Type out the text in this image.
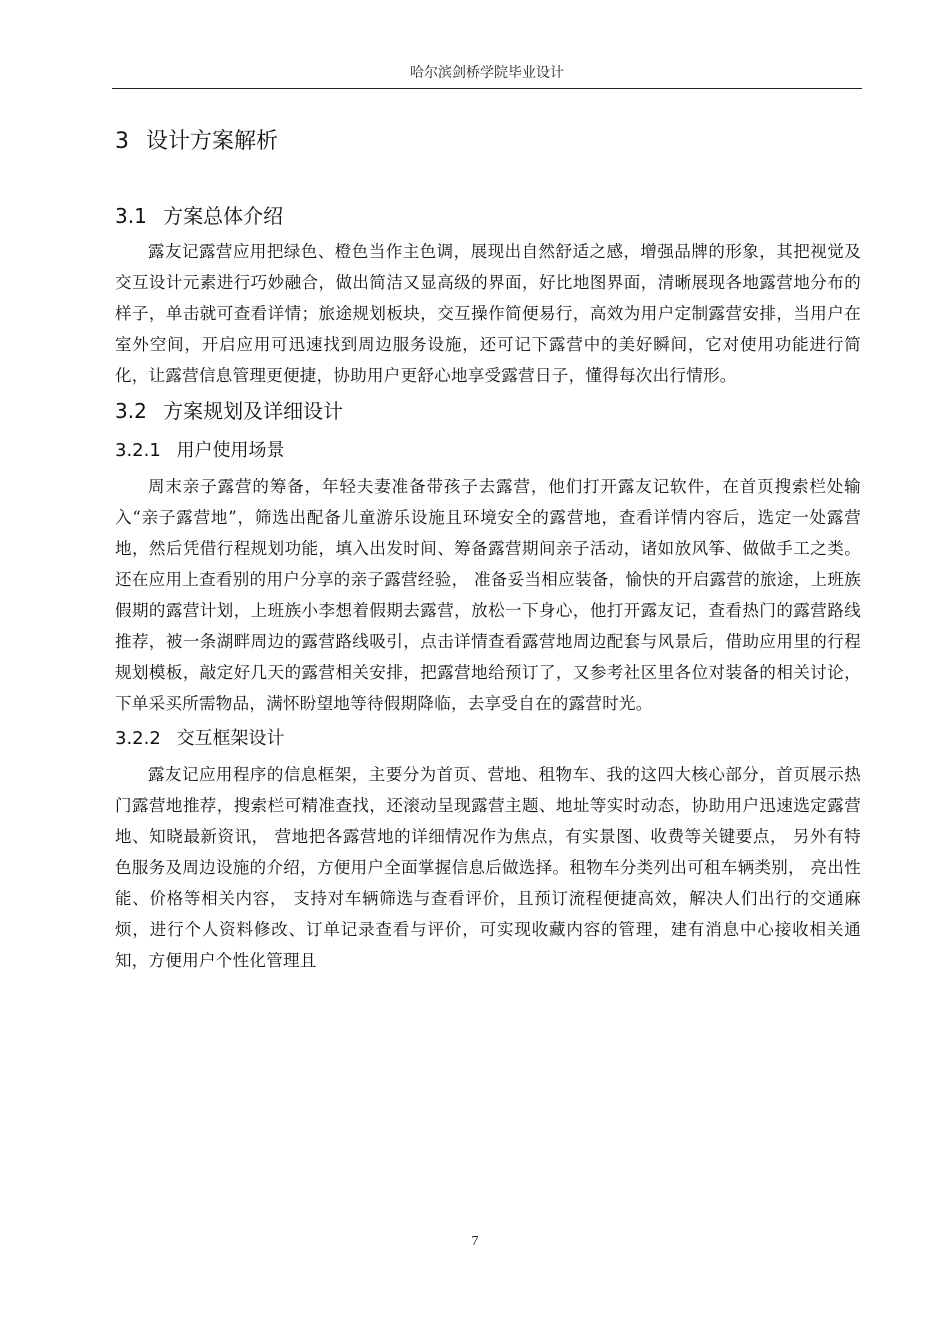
哈尔滨剑桥学院毕业设计
3 设计方案解析
3.1 方案总体介绍

露友记露营应用把绿色、橙色当作主色调，展现出自然舒适之感，增强品牌的形象，其把视觉及交互设计元素进行巧妙融合，做出简洁又显高级的界面，好比地图界面，清晰展现各地露营地分布的样子，单击就可查看详情；旅途规划板块，交互操作简便易行，高效为用户定制露营安排，当用户在室外空间，开启应用可迅速找到周边服务设施，还可记下露营中的美好瞬间，它对使用功能进行简化，让露营信息管理更便捷，协助用户更舒心地享受露营日子，懂得每次出行情形。

3.2 方案规划及详细设计
3.2.1 用户使用场景

周末亲子露营的筹备，年轻夫妻准备带孩子去露营，他们打开露友记软件，在首页搜索栏处输入“亲子露营地”，筛选出配备儿童游乐设施且环境安全的露营地，查看详情内容后，选定一处露营地，然后凭借行程规划功能，填入出发时间、筹备露营期间亲子活动，诸如放风筝、做做手工之类。还在应用上查看别的用户分享的亲子露营经验， 准备妥当相应装备，愉快的开启露营的旅途，上班族假期的露营计划，上班族小李想着假期去露营，放松一下身心，他打开露友记，查看热门的露营路线推荐，被一条湖畔周边的露营路线吸引，点击详情查看露营地周边配套与风景后，借助应用里的行程规划模板，敲定好几天的露营相关安排，把露营地给预订了，又参考社区里各位对装备的相关讨论，下单采买所需物品，满怀盼望地等待假期降临，去享受自在的露营时光。

3.2.2 交互框架设计

露友记应用程序的信息框架，主要分为首页、营地、租物车、我的这四大核心部分，首页展示热门露营地推荐，搜索栏可精准查找，还滚动呈现露营主题、地址等实时动态，协助用户迅速选定露营地、知晓最新资讯， 营地把各露营地的详细情况作为焦点，有实景图、收费等关键要点， 另外有特色服务及周边设施的介绍，方便用户全面掌握信息后做选择。租物车分类列出可租车辆类别， 亮出性能、价格等相关内容， 支持对车辆筛选与查看评价，且预订流程便捷高效，解决人们出行的交通麻烦，进行个人资料修改、订单记录查看与评价，可实现收藏内容的管理，建有消息中心接收相关通知，方便用户个性化管理且

7
